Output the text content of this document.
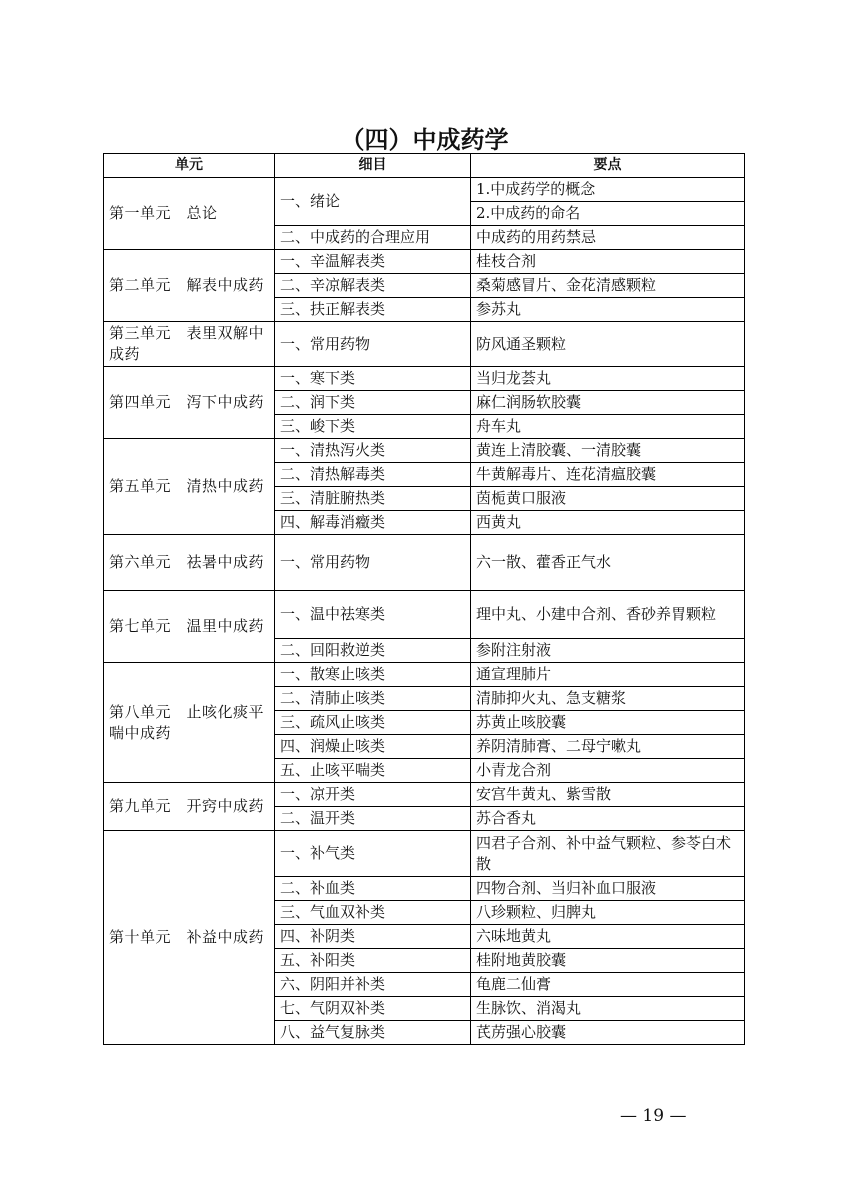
（四）中成药学
单元	细目	要点
第一单元　总论	一、绪论	1.中成药学的概念
		2.中成药的命名
	二、中成药的合理应用	中成药的用药禁忌
第二单元　解表中成药	一、辛温解表类	桂枝合剂
	二、辛凉解表类	桑菊感冒片、金花清感颗粒
	三、扶正解表类	参苏丸
第三单元　表里双解中成药	一、常用药物	防风通圣颗粒
第四单元　泻下中成药	一、寒下类	当归龙荟丸
	二、润下类	麻仁润肠软胶囊
	三、峻下类	舟车丸
第五单元　清热中成药	一、清热泻火类	黄连上清胶囊、一清胶囊
	二、清热解毒类	牛黄解毒片、连花清瘟胶囊
	三、清脏腑热类	茵栀黄口服液
	四、解毒消癥类	西黄丸
第六单元　祛暑中成药	一、常用药物	六一散、藿香正气水
第七单元　温里中成药	一、温中祛寒类	理中丸、小建中合剂、香砂养胃颗粒
	二、回阳救逆类	参附注射液
第八单元　止咳化痰平喘中成药	一、散寒止咳类	通宣理肺片
	二、清肺止咳类	清肺抑火丸、急支糖浆
	三、疏风止咳类	苏黄止咳胶囊
	四、润燥止咳类	养阴清肺膏、二母宁嗽丸
	五、止咳平喘类	小青龙合剂
第九单元　开窍中成药	一、凉开类	安宫牛黄丸、紫雪散
	二、温开类	苏合香丸
第十单元　补益中成药	一、补气类	四君子合剂、补中益气颗粒、参苓白术散
	二、补血类	四物合剂、当归补血口服液
	三、气血双补类	八珍颗粒、归脾丸
	四、补阴类	六味地黄丸
	五、补阳类	桂附地黄胶囊
	六、阴阳并补类	龟鹿二仙膏
	七、气阴双补类	生脉饮、消渴丸
	八、益气复脉类	芪苈强心胶囊
— 19 —
